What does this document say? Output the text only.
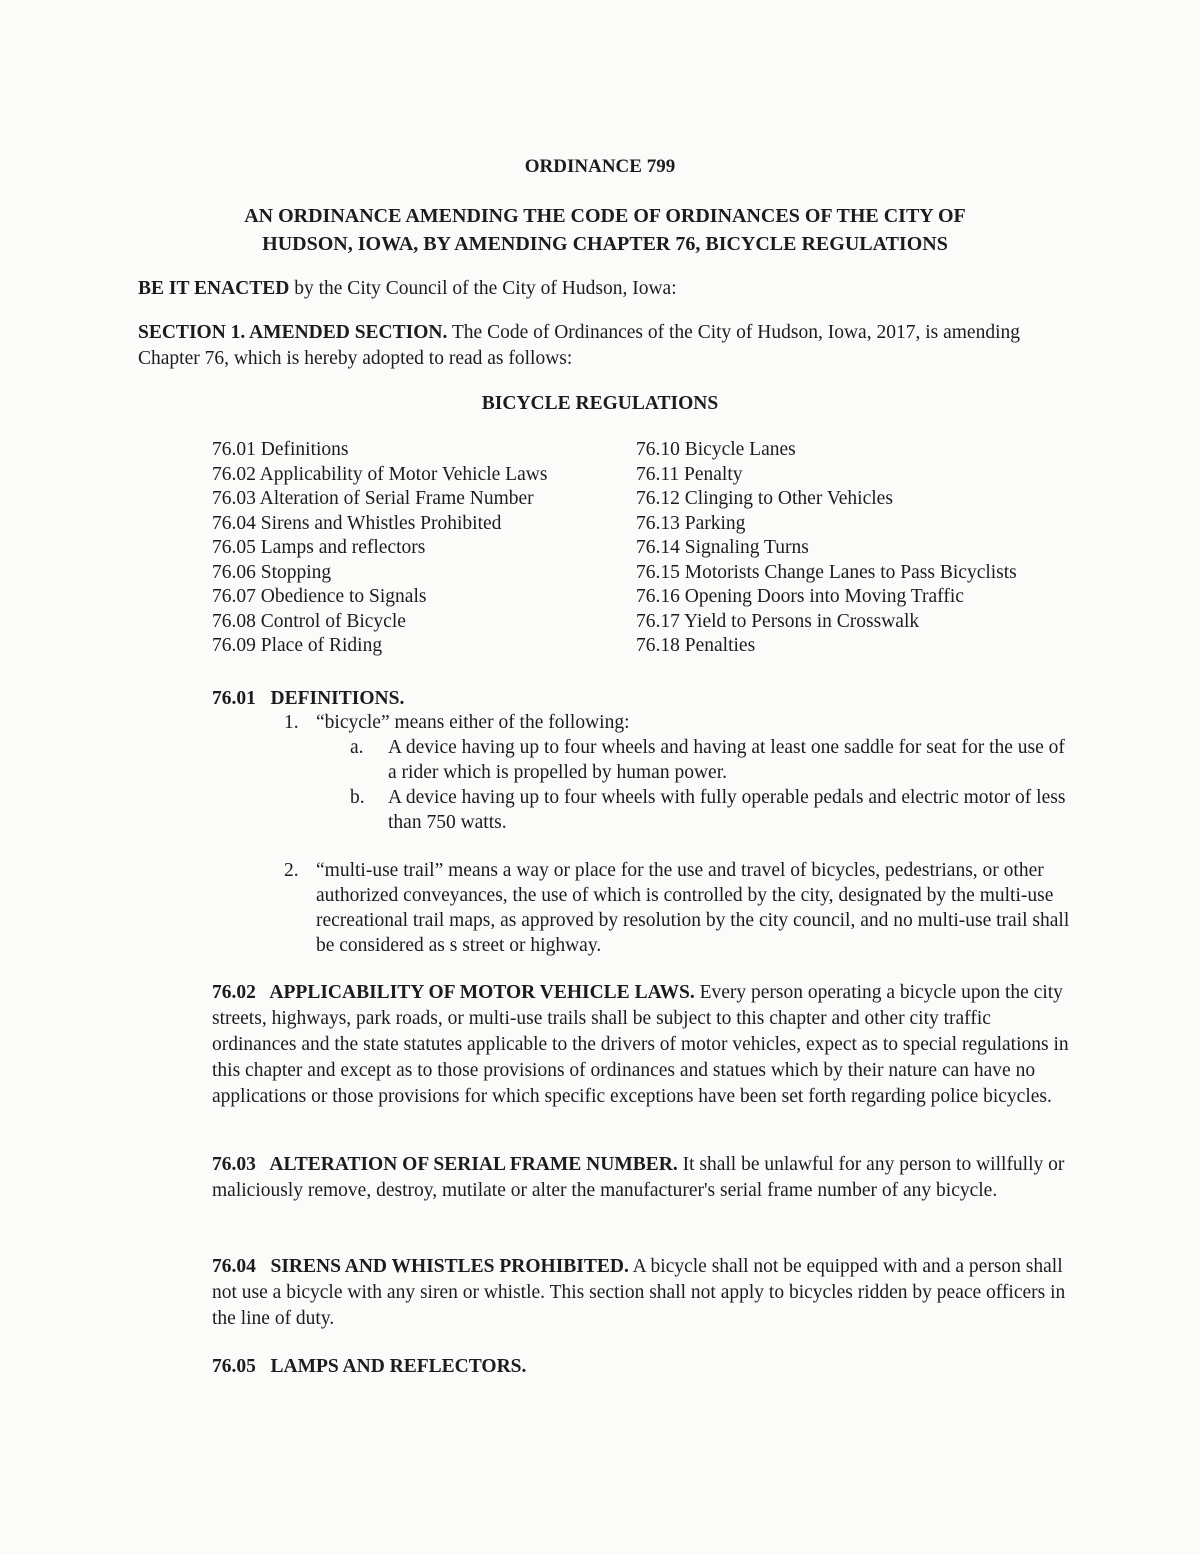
ORDINANCE 799
AN ORDINANCE AMENDING THE CODE OF ORDINANCES OF THE CITY OF
HUDSON, IOWA, BY AMENDING CHAPTER 76, BICYCLE REGULATIONS
BE IT ENACTED by the City Council of the City of Hudson, Iowa:
SECTION 1. AMENDED SECTION. The Code of Ordinances of the City of Hudson, Iowa, 2017, is amending Chapter 76, which is hereby adopted to read as follows:
BICYCLE REGULATIONS
76.01 Definitions
76.02 Applicability of Motor Vehicle Laws
76.03 Alteration of Serial Frame Number
76.04 Sirens and Whistles Prohibited
76.05 Lamps and reflectors
76.06 Stopping
76.07 Obedience to Signals
76.08 Control of Bicycle
76.09 Place of Riding
76.10 Bicycle Lanes
76.11 Penalty
76.12 Clinging to Other Vehicles
76.13 Parking
76.14 Signaling Turns
76.15 Motorists Change Lanes to Pass Bicyclists
76.16 Opening Doors into Moving Traffic
76.17 Yield to Persons in Crosswalk
76.18 Penalties
76.01   DEFINITIONS.
1. “bicycle” means either of the following:
a. A device having up to four wheels and having at least one saddle for seat for the use of a rider which is propelled by human power.
b. A device having up to four wheels with fully operable pedals and electric motor of less than 750 watts.
2. “multi-use trail” means a way or place for the use and travel of bicycles, pedestrians, or other authorized conveyances, the use of which is controlled by the city, designated by the multi-use recreational trail maps, as approved by resolution by the city council, and no multi-use trail shall be considered as s street or highway.
76.02   APPLICABILITY OF MOTOR VEHICLE LAWS. Every person operating a bicycle upon the city streets, highways, park roads, or multi-use trails shall be subject to this chapter and other city traffic ordinances and the state statutes applicable to the drivers of motor vehicles, expect as to special regulations in this chapter and except as to those provisions of ordinances and statues which by their nature can have no applications or those provisions for which specific exceptions have been set forth regarding police bicycles.
76.03   ALTERATION OF SERIAL FRAME NUMBER. It shall be unlawful for any person to willfully or maliciously remove, destroy, mutilate or alter the manufacturer's serial frame number of any bicycle.
76.04   SIRENS AND WHISTLES PROHIBITED. A bicycle shall not be equipped with and a person shall not use a bicycle with any siren or whistle. This section shall not apply to bicycles ridden by peace officers in the line of duty.
76.05   LAMPS AND REFLECTORS.
